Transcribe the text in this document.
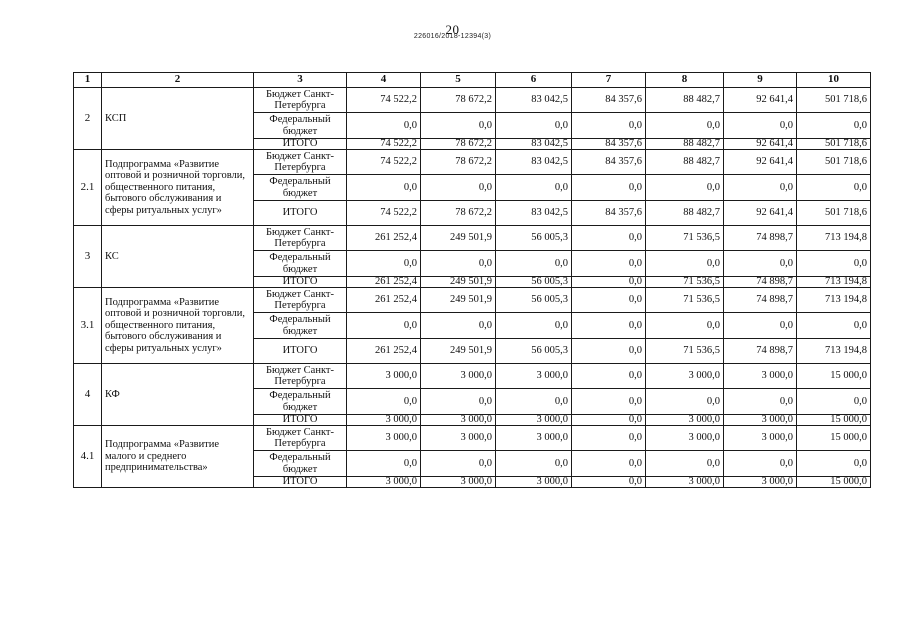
20
226016/2018-12394(3)
1	2	3	4	5	6	7	8	9	10
2	КСП	Бюджет Санкт-Петербурга	74 522,2	78 672,2	83 042,5	84 357,6	88 482,7	92 641,4	501 718,6
		Федеральный бюджет	0,0	0,0	0,0	0,0	0,0	0,0	0,0
		ИТОГО	74 522,2	78 672,2	83 042,5	84 357,6	88 482,7	92 641,4	501 718,6
2.1	Подпрограмма «Развитие оптовой и розничной торговли, общественного питания, бытового обслуживания и сферы ритуальных услуг»	Бюджет Санкт-Петербурга	74 522,2	78 672,2	83 042,5	84 357,6	88 482,7	92 641,4	501 718,6
		Федеральный бюджет	0,0	0,0	0,0	0,0	0,0	0,0	0,0
		ИТОГО	74 522,2	78 672,2	83 042,5	84 357,6	88 482,7	92 641,4	501 718,6
3	КС	Бюджет Санкт-Петербурга	261 252,4	249 501,9	56 005,3	0,0	71 536,5	74 898,7	713 194,8
		Федеральный бюджет	0,0	0,0	0,0	0,0	0,0	0,0	0,0
		ИТОГО	261 252,4	249 501,9	56 005,3	0,0	71 536,5	74 898,7	713 194,8
3.1	Подпрограмма «Развитие оптовой и розничной торговли, общественного питания, бытового обслуживания и сферы ритуальных услуг»	Бюджет Санкт-Петербурга	261 252,4	249 501,9	56 005,3	0,0	71 536,5	74 898,7	713 194,8
		Федеральный бюджет	0,0	0,0	0,0	0,0	0,0	0,0	0,0
		ИТОГО	261 252,4	249 501,9	56 005,3	0,0	71 536,5	74 898,7	713 194,8
4	КФ	Бюджет Санкт-Петербурга	3 000,0	3 000,0	3 000,0	0,0	3 000,0	3 000,0	15 000,0
		Федеральный бюджет	0,0	0,0	0,0	0,0	0,0	0,0	0,0
		ИТОГО	3 000,0	3 000,0	3 000,0	0,0	3 000,0	3 000,0	15 000,0
4.1	Подпрограмма «Развитие малого и среднего предпринимательства»	Бюджет Санкт-Петербурга	3 000,0	3 000,0	3 000,0	0,0	3 000,0	3 000,0	15 000,0
		Федеральный бюджет	0,0	0,0	0,0	0,0	0,0	0,0	0,0
		ИТОГО	3 000,0	3 000,0	3 000,0	0,0	3 000,0	3 000,0	15 000,0
